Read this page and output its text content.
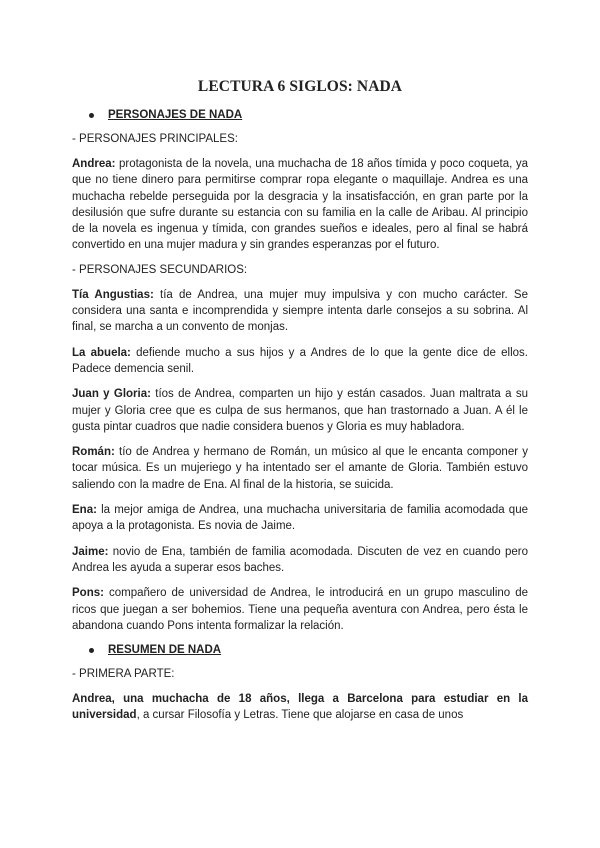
LECTURA 6 SIGLOS: NADA
PERSONAJES DE NADA
- PERSONAJES PRINCIPALES:

Andrea: protagonista de la novela, una muchacha de 18 años tímida y poco coqueta, ya que no tiene dinero para permitirse comprar ropa elegante o maquillaje. Andrea es una muchacha rebelde perseguida por la desgracia y la insatisfacción, en gran parte por la desilusión que sufre durante su estancia con su familia en la calle de Aribau. Al principio de la novela es ingenua y tímida, con grandes sueños e ideales, pero al final se habrá convertido en una mujer madura y sin grandes esperanzas por el futuro.

- PERSONAJES SECUNDARIOS:

Tía Angustias: tía de Andrea, una mujer muy impulsiva y con mucho carácter. Se considera una santa e incomprendida y siempre intenta darle consejos a su sobrina. Al final, se marcha a un convento de monjas.

La abuela: defiende mucho a sus hijos y a Andres de lo que la gente dice de ellos. Padece demencia senil.

Juan y Gloria: tíos de Andrea, comparten un hijo y están casados. Juan maltrata a su mujer y Gloria cree que es culpa de sus hermanos, que han trastornado a Juan. A él le gusta pintar cuadros que nadie considera buenos y Gloria es muy habladora.

Román: tío de Andrea y hermano de Román, un músico al que le encanta componer y tocar música. Es un mujeriego y ha intentado ser el amante de Gloria. También estuvo saliendo con la madre de Ena. Al final de la historia, se suicida.

Ena: la mejor amiga de Andrea, una muchacha universitaria de familia acomodada que apoya a la protagonista. Es novia de Jaime.

Jaime: novio de Ena, también de familia acomodada. Discuten de vez en cuando pero Andrea les ayuda a superar esos baches.

Pons: compañero de universidad de Andrea, le introducirá en un grupo masculino de ricos que juegan a ser bohemios. Tiene una pequeña aventura con Andrea, pero ésta le abandona cuando Pons intenta formalizar la relación.

RESUMEN DE NADA
- PRIMERA PARTE:

Andrea, una muchacha de 18 años, llega a Barcelona para estudiar en la universidad, a cursar Filosofía y Letras. Tiene que alojarse en casa de unos
